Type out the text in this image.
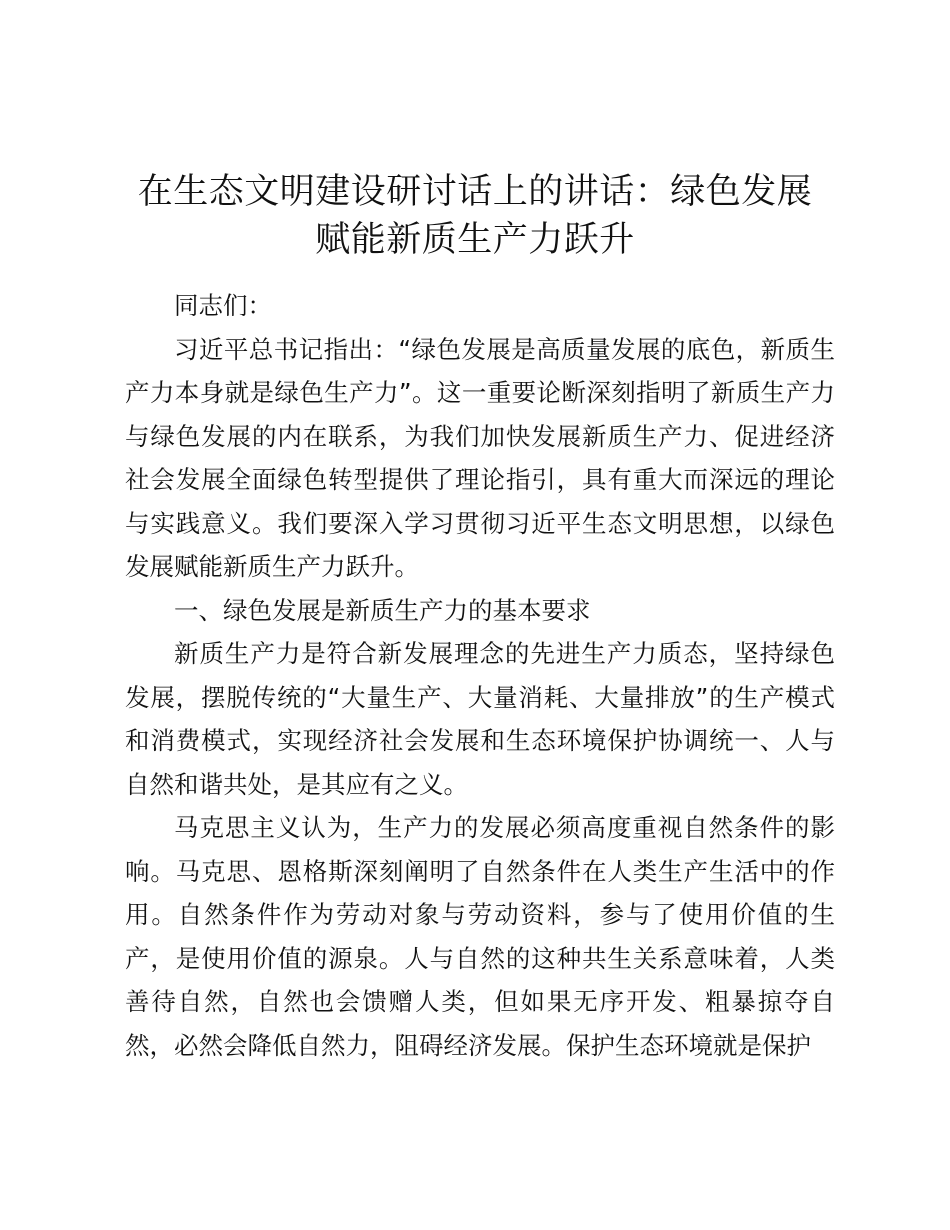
在生态文明建设研讨话上的讲话：绿色发展赋能新质生产力跃升

同志们：

习近平总书记指出：“绿色发展是高质量发展的底色，新质生产力本身就是绿色生产力”。这一重要论断深刻指明了新质生产力与绿色发展的内在联系，为我们加快发展新质生产力、促进经济社会发展全面绿色转型提供了理论指引，具有重大而深远的理论与实践意义。我们要深入学习贯彻习近平生态文明思想，以绿色发展赋能新质生产力跃升。

一、绿色发展是新质生产力的基本要求

新质生产力是符合新发展理念的先进生产力质态，坚持绿色发展，摆脱传统的“大量生产、大量消耗、大量排放”的生产模式和消费模式，实现经济社会发展和生态环境保护协调统一、人与自然和谐共处，是其应有之义。

马克思主义认为，生产力的发展必须高度重视自然条件的影响。马克思、恩格斯深刻阐明了自然条件在人类生产生活中的作用。自然条件作为劳动对象与劳动资料，参与了使用价值的生产，是使用价值的源泉。人与自然的这种共生关系意味着，人类善待自然，自然也会馈赠人类，但如果无序开发、粗暴掠夺自然，必然会降低自然力，阻碍经济发展。保护生态环境就是保护
